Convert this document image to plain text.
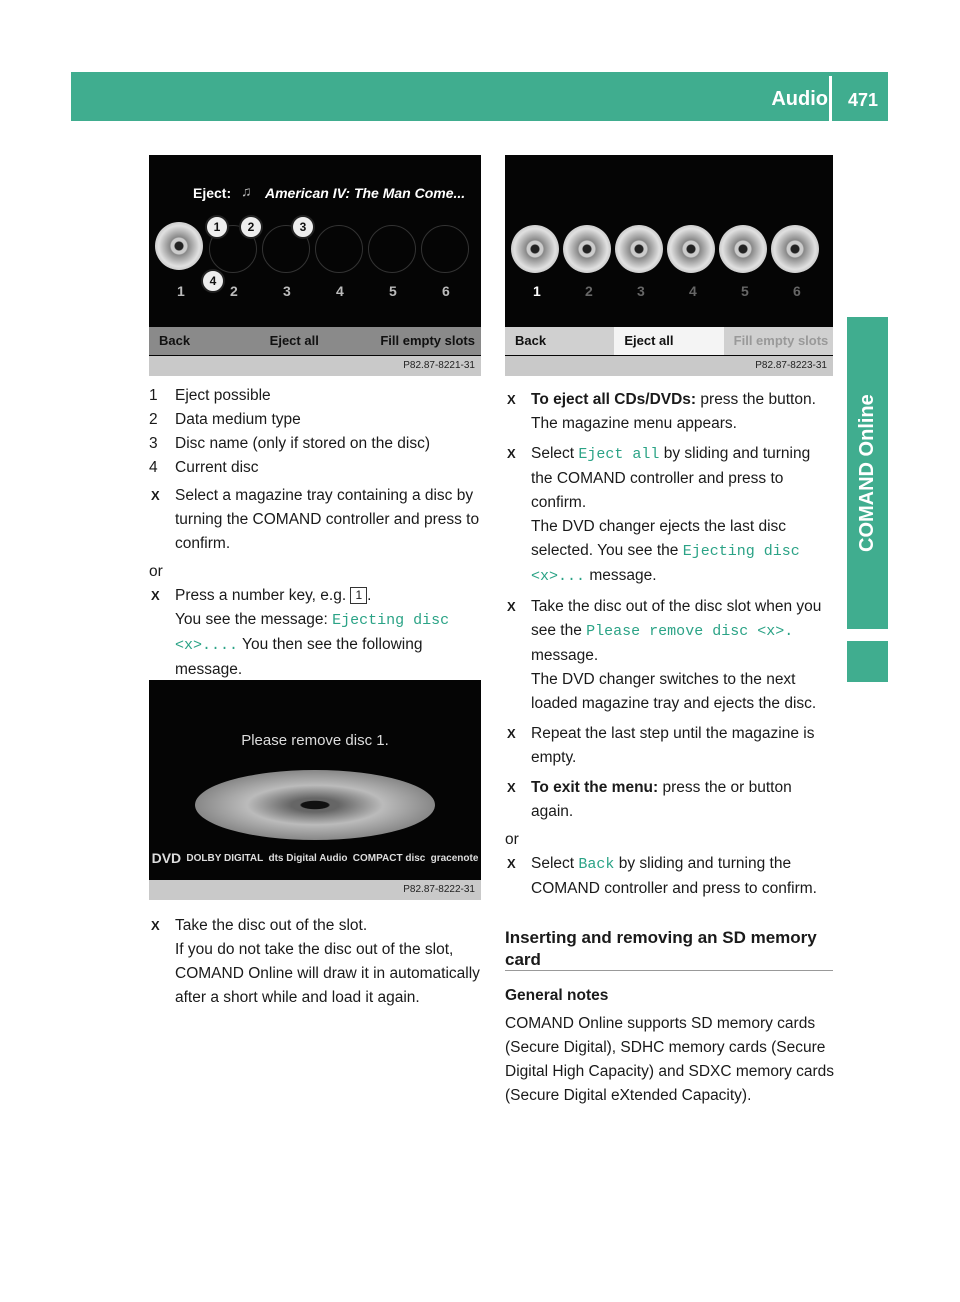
Audio 471
COMAND Online
Eject: ♫ American IV: The Man Come...
1	2	3	4	5	6
1	2	3
4
Back	Eject all	Fill empty slots
P82.87-8221-31
1	Eject possible
2	Data medium type
3	Disc name (only if stored on the disc)
4	Current disc
X Select a magazine tray containing a disc by turning the COMAND controller and press to confirm.

or

X Press a number key, e.g. 1 .
You see the message: Ejecting disc <x>.... You then see the following message.
Please remove disc 1.
DVD DOLBY DIGITAL dts Digital Audio COMPACT disc gracenote
P82.87-8222-31
X Take the disc out of the slot.
If you do not take the disc out of the slot, COMAND Online will draw it in automatically after a short while and load it again.
1	2	3	4	5	6
Back	Eject all	Fill empty slots
P82.87-8223-31
X To eject all CDs/DVDs: press the button.
The magazine menu appears.
X Select Eject all by sliding and turning the COMAND controller and press to confirm.
The DVD changer ejects the last disc selected. You see the Ejecting disc <x>... message.
X Take the disc out of the disc slot when you see the Please remove disc <x>. message.
The DVD changer switches to the next loaded magazine tray and ejects the disc.
X Repeat the last step until the magazine is empty.
X To exit the menu: press the or button again.

or

X Select Back by sliding and turning the COMAND controller and press to confirm.

Inserting and removing an SD memory card

General notes

COMAND Online supports SD memory cards (Secure Digital), SDHC memory cards (Secure Digital High Capacity) and SDXC memory cards (Secure Digital eXtended Capacity).
